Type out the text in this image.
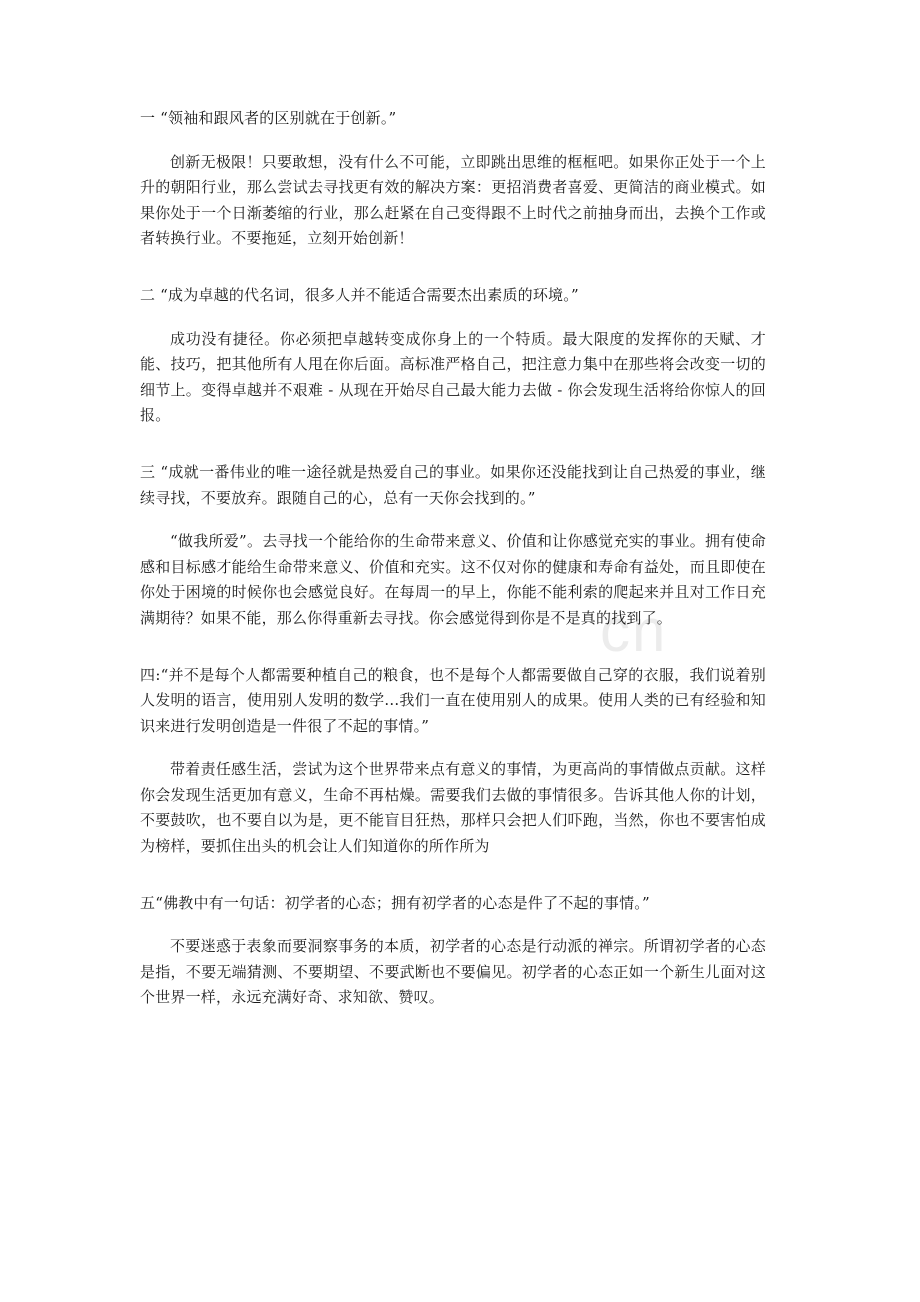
cn

一 “领袖和跟风者的区别就在于创新。”

创新无极限！只要敢想，没有什么不可能，立即跳出思维的框框吧。如果你正处于一个上升的朝阳行业，那么尝试去寻找更有效的解决方案：更招消费者喜爱、更简洁的商业模式。如果你处于一个日渐萎缩的行业，那么赶紧在自己变得跟不上时代之前抽身而出，去换个工作或者转换行业。不要拖延，立刻开始创新！

二 “成为卓越的代名词，很多人并不能适合需要杰出素质的环境。”

成功没有捷径。你必须把卓越转变成你身上的一个特质。最大限度的发挥你的天赋、才能、技巧，把其他所有人甩在你后面。高标准严格自己，把注意力集中在那些将会改变一切的细节上。变得卓越并不艰难 - 从现在开始尽自己最大能力去做 - 你会发现生活将给你惊人的回报。

三 “成就一番伟业的唯一途径就是热爱自己的事业。如果你还没能找到让自己热爱的事业，继续寻找，不要放弃。跟随自己的心，总有一天你会找到的。”

“做我所爱”。去寻找一个能给你的生命带来意义、价值和让你感觉充实的事业。拥有使命感和目标感才能给生命带来意义、价值和充实。这不仅对你的健康和寿命有益处，而且即使在你处于困境的时候你也会感觉良好。在每周一的早上，你能不能利索的爬起来并且对工作日充满期待？如果不能，那么你得重新去寻找。你会感觉得到你是不是真的找到了。

四:“并不是每个人都需要种植自己的粮食，也不是每个人都需要做自己穿的衣服，我们说着别人发明的语言，使用别人发明的数学...我们一直在使用别人的成果。使用人类的已有经验和知识来进行发明创造是一件很了不起的事情。”

带着责任感生活，尝试为这个世界带来点有意义的事情，为更高尚的事情做点贡献。这样你会发现生活更加有意义，生命不再枯燥。需要我们去做的事情很多。告诉其他人你的计划，不要鼓吹，也不要自以为是，更不能盲目狂热，那样只会把人们吓跑，当然，你也不要害怕成为榜样，要抓住出头的机会让人们知道你的所作所为

五“佛教中有一句话：初学者的心态；拥有初学者的心态是件了不起的事情。”

不要迷惑于表象而要洞察事务的本质，初学者的心态是行动派的禅宗。所谓初学者的心态是指，不要无端猜测、不要期望、不要武断也不要偏见。初学者的心态正如一个新生儿面对这个世界一样，永远充满好奇、求知欲、赞叹。
